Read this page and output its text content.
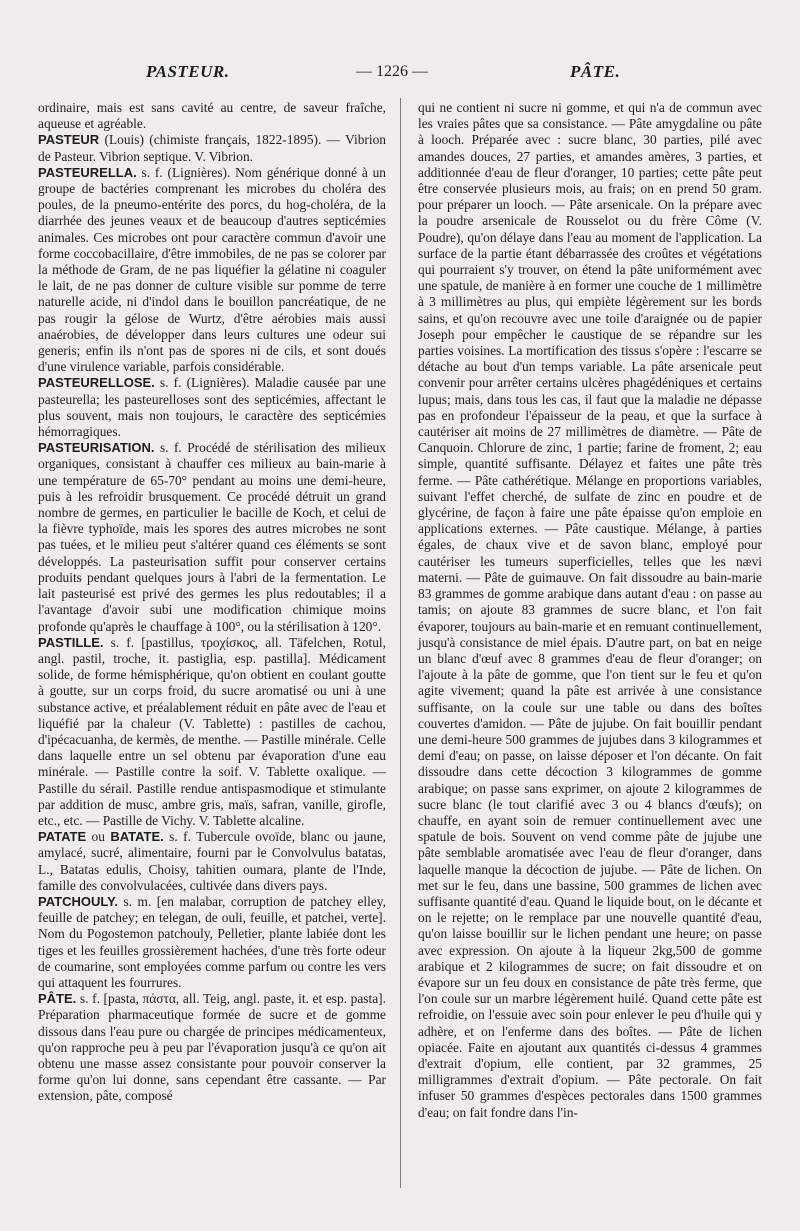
PASTEUR.	— 1226 —	PÂTE.

ordinaire, mais est sans cavité au centre, de saveur fraîche, aqueuse et agréable.

PASTEUR (Louis) (chimiste français, 1822-1895). — Vibrion de Pasteur. Vibrion septique. V. Vibrion.

PASTEURELLA. s. f. (Lignières). Nom générique donné à un groupe de bactéries comprenant les microbes du choléra des poules, de la pneumo-entérite des porcs, du hog-choléra, de la diarrhée des jeunes veaux et de beaucoup d'autres septicémies animales. Ces microbes ont pour caractère commun d'avoir une forme coccobacillaire, d'être immobiles, de ne pas se colorer par la méthode de Gram, de ne pas liquéfier la gélatine ni coaguler le lait, de ne pas donner de culture visible sur pomme de terre naturelle acide, ni d'indol dans le bouillon pancréatique, de ne pas rougir la gélose de Wurtz, d'être aérobies mais aussi anaérobies, de développer dans leurs cultures une odeur sui generis; enfin ils n'ont pas de spores ni de cils, et sont doués d'une virulence variable, parfois considérable.

PASTEURELLOSE. s. f. (Lignières). Maladie causée par une pasteurella; les pasteurelloses sont des septicémies, affectant le plus souvent, mais non toujours, le caractère des septicémies hémorragiques.

PASTEURISATION. s. f. Procédé de stérilisation des milieux organiques, consistant à chauffer ces milieux au bain-marie à une température de 65-70° pendant au moins une demi-heure, puis à les refroidir brusquement. Ce procédé détruit un grand nombre de germes, en particulier le bacille de Koch, et celui de la fièvre typhoïde, mais les spores des autres microbes ne sont pas tuées, et le milieu peut s'altérer quand ces éléments se sont développés. La pasteurisation suffit pour conserver certains produits pendant quelques jours à l'abri de la fermentation. Le lait pasteurisé est privé des germes les plus redoutables; il a l'avantage d'avoir subi une modification chimique moins profonde qu'après le chauffage à 100°, ou la stérilisation à 120°.

PASTILLE. s. f. [pastillus, τροχίσκος, all. Täfelchen, Rotul, angl. pastil, troche, it. pastiglia, esp. pastilla]. Médicament solide, de forme hémisphérique, qu'on obtient en coulant goutte à goutte, sur un corps froid, du sucre aromatisé ou uni à une substance active, et préalablement réduit en pâte avec de l'eau et liquéfié par la chaleur (V. Tablette) : pastilles de cachou, d'ipécacuanha, de kermès, de menthe. — Pastille minérale. Celle dans laquelle entre un sel obtenu par évaporation d'une eau minérale. — Pastille contre la soif. V. Tablette oxalique. — Pastille du sérail. Pastille rendue antispasmodique et stimulante par addition de musc, ambre gris, maïs, safran, vanille, girofle, etc., etc. — Pastille de Vichy. V. Tablette alcaline.

PATATE ou BATATE. s. f. Tubercule ovoïde, blanc ou jaune, amylacé, sucré, alimentaire, fourni par le Convolvulus batatas, L., Batatas edulis, Choisy, tahitien oumara, plante de l'Inde, famille des convolvulacées, cultivée dans divers pays.

PATCHOULY. s. m. [en malabar, corruption de patchey elley, feuille de patchey; en telegan, de ouli, feuille, et patchei, verte]. Nom du Pogostemon patchouly, Pelletier, plante labiée dont les tiges et les feuilles grossièrement hachées, d'une très forte odeur de coumarine, sont employées comme parfum ou contre les vers qui attaquent les fourrures.

PÂTE. s. f. [pasta, πάστα, all. Teig, angl. paste, it. et esp. pasta]. Préparation pharmaceutique formée de sucre et de gomme dissous dans l'eau pure ou chargée de principes médicamenteux, qu'on rapproche peu à peu par l'évaporation jusqu'à ce qu'on ait obtenu une masse assez consistante pour pouvoir conserver la forme qu'on lui donne, sans cependant être cassante. — Par extension, pâte, composé

qui ne contient ni sucre ni gomme, et qui n'a de commun avec les vraies pâtes que sa consistance. — Pâte amygdaline ou pâte à looch. Préparée avec : sucre blanc, 30 parties, pilé avec amandes douces, 27 parties, et amandes amères, 3 parties, et additionnée d'eau de fleur d'oranger, 10 parties; cette pâte peut être conservée plusieurs mois, au frais; on en prend 50 gram. pour préparer un looch. — Pâte arsenicale. On la prépare avec la poudre arsenicale de Rousselot ou du frère Côme (V. Poudre), qu'on délaye dans l'eau au moment de l'application. La surface de la partie étant débarrassée des croûtes et végétations qui pourraient s'y trouver, on étend la pâte uniformément avec une spatule, de manière à en former une couche de 1 millimètre à 3 millimètres au plus, qui empiète légèrement sur les bords sains, et qu'on recouvre avec une toile d'araignée ou de papier Joseph pour empêcher le caustique de se répandre sur les parties voisines. La mortification des tissus s'opère : l'escarre se détache au bout d'un temps variable. La pâte arsenicale peut convenir pour arrêter certains ulcères phagédéniques et certains lupus; mais, dans tous les cas, il faut que la maladie ne dépasse pas en profondeur l'épaisseur de la peau, et que la surface à cautériser ait moins de 27 millimètres de diamètre. — Pâte de Canquoin. Chlorure de zinc, 1 partie; farine de froment, 2; eau simple, quantité suffisante. Délayez et faites une pâte très ferme. — Pâte cathérétique. Mélange en proportions variables, suivant l'effet cherché, de sulfate de zinc en poudre et de glycérine, de façon à faire une pâte épaisse qu'on emploie en applications externes. — Pâte caustique. Mélange, à parties égales, de chaux vive et de savon blanc, employé pour cautériser les tumeurs superficielles, telles que les nævi materni. — Pâte de guimauve. On fait dissoudre au bain-marie 83 grammes de gomme arabique dans autant d'eau : on passe au tamis; on ajoute 83 grammes de sucre blanc, et l'on fait évaporer, toujours au bain-marie et en remuant continuellement, jusqu'à consistance de miel épais. D'autre part, on bat en neige un blanc d'œuf avec 8 grammes d'eau de fleur d'oranger; on l'ajoute à la pâte de gomme, que l'on tient sur le feu et qu'on agite vivement; quand la pâte est arrivée à une consistance suffisante, on la coule sur une table ou dans des boîtes couvertes d'amidon. — Pâte de jujube. On fait bouillir pendant une demi-heure 500 grammes de jujubes dans 3 kilogrammes et demi d'eau; on passe, on laisse déposer et l'on décante. On fait dissoudre dans cette décoction 3 kilogrammes de gomme arabique; on passe sans exprimer, on ajoute 2 kilogrammes de sucre blanc (le tout clarifié avec 3 ou 4 blancs d'œufs); on chauffe, en ayant soin de remuer continuellement avec une spatule de bois. Souvent on vend comme pâte de jujube une pâte semblable aromatisée avec l'eau de fleur d'oranger, dans laquelle manque la décoction de jujube. — Pâte de lichen. On met sur le feu, dans une bassine, 500 grammes de lichen avec suffisante quantité d'eau. Quand le liquide bout, on le décante et on le rejette; on le remplace par une nouvelle quantité d'eau, qu'on laisse bouillir sur le lichen pendant une heure; on passe avec expression. On ajoute à la liqueur 2kg,500 de gomme arabique et 2 kilogrammes de sucre; on fait dissoudre et on évapore sur un feu doux en consistance de pâte très ferme, que l'on coule sur un marbre légèrement huilé. Quand cette pâte est refroidie, on l'essuie avec soin pour enlever le peu d'huile qui y adhère, et on l'enferme dans des boîtes. — Pâte de lichen opiacée. Faite en ajoutant aux quantités ci-dessus 4 grammes d'extrait d'opium, elle contient, par 32 grammes, 25 milligrammes d'extrait d'opium. — Pâte pectorale. On fait infuser 50 grammes d'espèces pectorales dans 1500 grammes d'eau; on fait fondre dans l'in-
